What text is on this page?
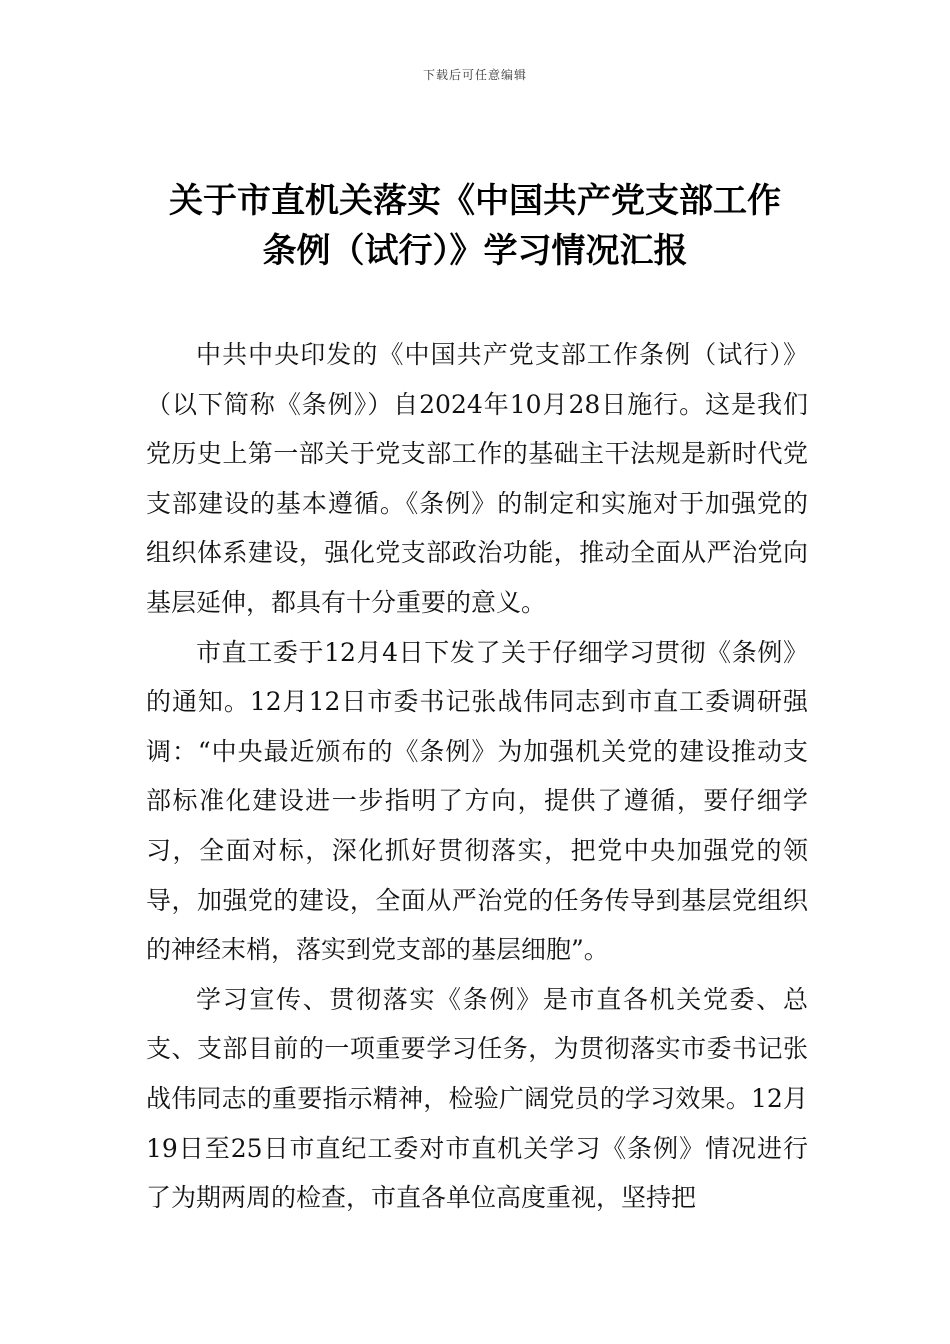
下载后可任意编辑
关于市直机关落实《中国共产党支部工作
条例（试行）》学习情况汇报

中共中央印发的《中国共产党支部工作条例（试行）》（以下简称《条例》）自2024年10月28日施行。这是我们党历史上第一部关于党支部工作的基础主干法规是新时代党支部建设的基本遵循。《条例》的制定和实施对于加强党的组织体系建设，强化党支部政治功能，推动全面从严治党向基层延伸，都具有十分重要的意义。

市直工委于12月4日下发了关于仔细学习贯彻《条例》的通知。12月12日市委书记张战伟同志到市直工委调研强调：“中央最近颁布的《条例》为加强机关党的建设推动支部标准化建设进一步指明了方向，提供了遵循，要仔细学习，全面对标，深化抓好贯彻落实，把党中央加强党的领导，加强党的建设，全面从严治党的任务传导到基层党组织的神经末梢，落实到党支部的基层细胞”。

学习宣传、贯彻落实《条例》是市直各机关党委、总支、支部目前的一项重要学习任务，为贯彻落实市委书记张战伟同志的重要指示精神，检验广阔党员的学习效果。12月19日至25日市直纪工委对市直机关学习《条例》情况进行了为期两周的检查，市直各单位高度重视，坚持把
